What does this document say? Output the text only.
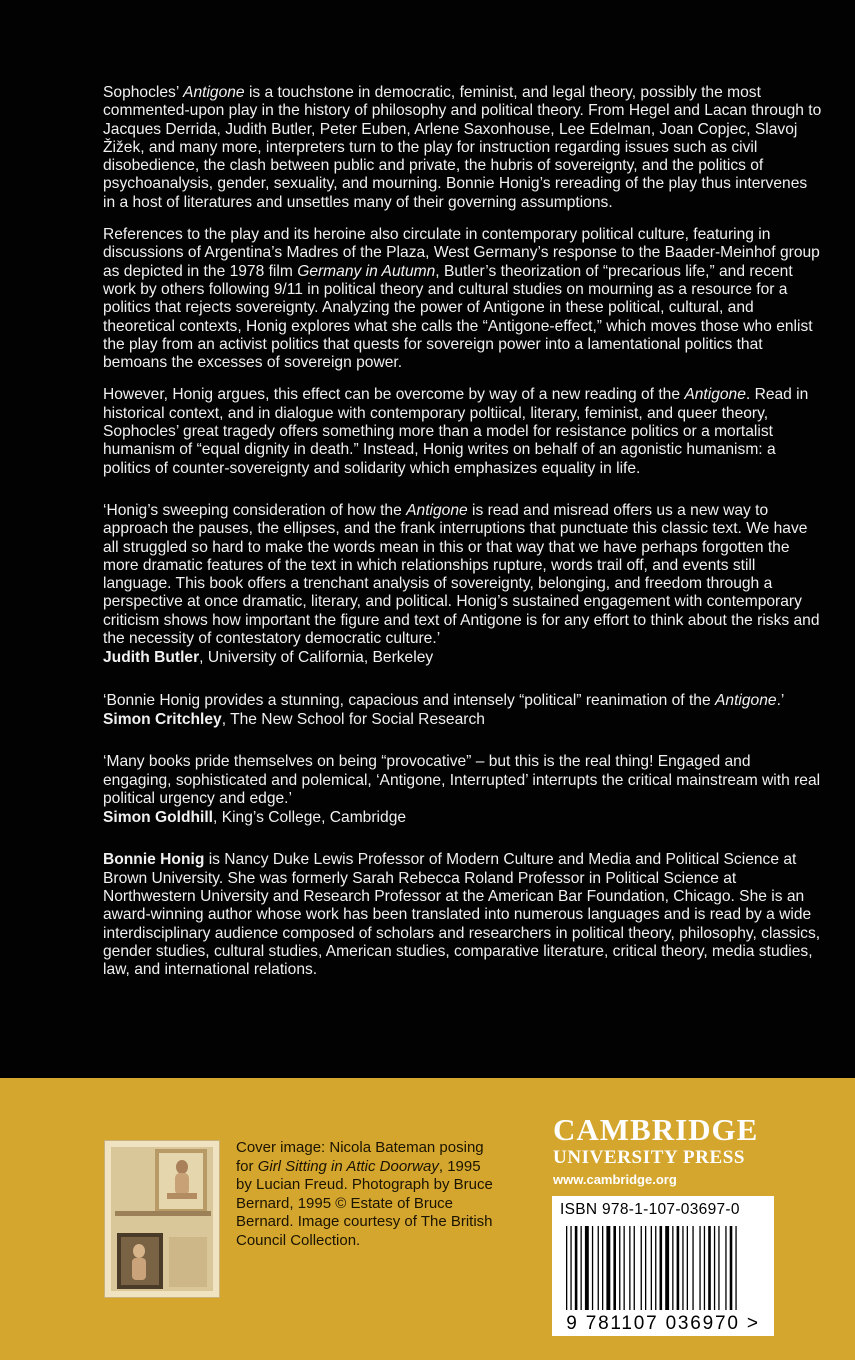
Sophocles’ Antigone is a touchstone in democratic, feminist, and legal theory, possibly the most commented-upon play in the history of philosophy and political theory. From Hegel and Lacan through to Jacques Derrida, Judith Butler, Peter Euben, Arlene Saxonhouse, Lee Edelman, Joan Copjec, Slavoj Žižek, and many more, interpreters turn to the play for instruction regarding issues such as civil disobedience, the clash between public and private, the hubris of sovereignty, and the politics of psychoanalysis, gender, sexuality, and mourning. Bonnie Honig’s rereading of the play thus intervenes in a host of literatures and unsettles many of their governing assumptions.

References to the play and its heroine also circulate in contemporary political culture, featuring in discussions of Argentina’s Madres of the Plaza, West Germany’s response to the Baader-Meinhof group as depicted in the 1978 film Germany in Autumn, Butler’s theorization of “precarious life,” and recent work by others following 9/11 in political theory and cultural studies on mourning as a resource for a politics that rejects sovereignty. Analyzing the power of Antigone in these political, cultural, and theoretical contexts, Honig explores what she calls the “Antigone-effect,” which moves those who enlist the play from an activist politics that quests for sovereign power into a lamentational politics that bemoans the excesses of sovereign power.

However, Honig argues, this effect can be overcome by way of a new reading of the Antigone. Read in historical context, and in dialogue with contemporary poltiical, literary, feminist, and queer theory, Sophocles’ great tragedy offers something more than a model for resistance politics or a mortalist humanism of “equal dignity in death.” Instead, Honig writes on behalf of an agonistic humanism: a politics of counter-sovereignty and solidarity which emphasizes equality in life.

‘Honig’s sweeping consideration of how the Antigone is read and misread offers us a new way to approach the pauses, the ellipses, and the frank interruptions that punctuate this classic text. We have all struggled so hard to make the words mean in this or that way that we have perhaps forgotten the more dramatic features of the text in which relationships rupture, words trail off, and events still language. This book offers a trenchant analysis of sovereignty, belonging, and freedom through a perspective at once dramatic, literary, and political. Honig’s sustained engagement with contemporary criticism shows how important the figure and text of Antigone is for any effort to think about the risks and the necessity of contestatory democratic culture.’

Judith Butler, University of California, Berkeley

‘Bonnie Honig provides a stunning, capacious and intensely “political” reanimation of the Antigone.’

Simon Critchley, The New School for Social Research

‘Many books pride themselves on being “provocative” – but this is the real thing! Engaged and engaging, sophisticated and polemical, ‘Antigone, Interrupted’ interrupts the critical mainstream with real political urgency and edge.’

Simon Goldhill, King’s College, Cambridge

Bonnie Honig is Nancy Duke Lewis Professor of Modern Culture and Media and Political Science at Brown University. She was formerly Sarah Rebecca Roland Professor in Political Science at Northwestern University and Research Professor at the American Bar Foundation, Chicago. She is an award-winning author whose work has been translated into numerous languages and is read by a wide interdisciplinary audience composed of scholars and researchers in political theory, philosophy, classics, gender studies, cultural studies, American studies, comparative literature, critical theory, media studies, law, and international relations.

Cover image: Nicola Bateman posing for Girl Sitting in Attic Doorway, 1995 by Lucian Freud. Photograph by Bruce Bernard, 1995 © Estate of Bruce Bernard. Image courtesy of The British Council Collection.
CAMBRIDGE
UNIVERSITY PRESS
www.cambridge.org
ISBN 978-1-107-03697-0
9 781107 036970 >
